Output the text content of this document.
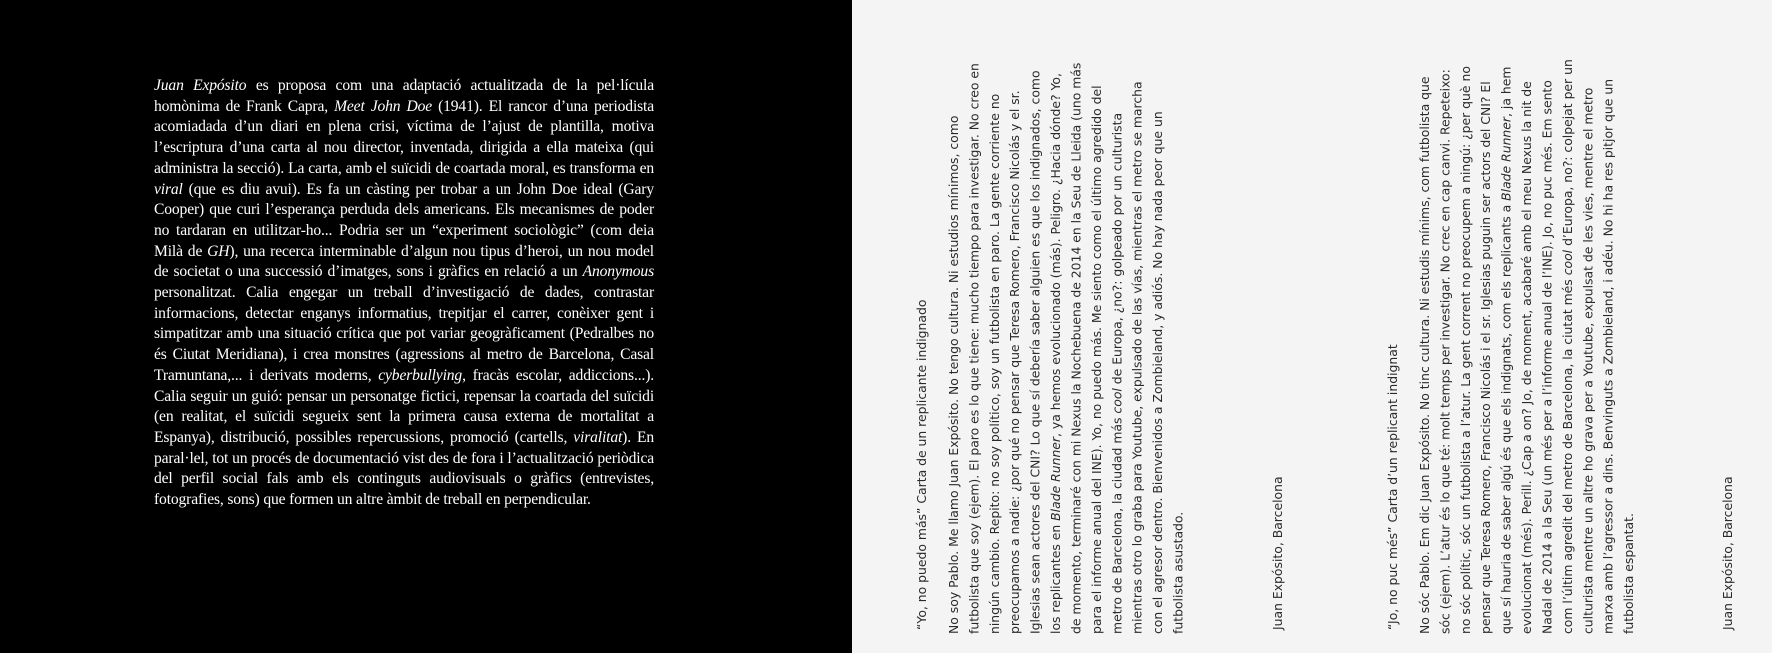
Juan Expósito es proposa com una adaptació actualitzada de la pel·lícula homònima de Frank Capra, Meet John Doe (1941). El rancor d’una periodista acomiadada d’un diari en plena crisi, víctima de l’ajust de plantilla, motiva l’escriptura d’una carta al nou director, inventada, dirigida a ella mateixa (qui administra la secció). La carta, amb el suïcidi de coartada moral, es transforma en viral (que es diu avui). Es fa un càsting per trobar a un John Doe ideal (Gary Cooper) que curi l’esperança perduda dels americans. Els mecanismes de poder no tardaran en utilitzar-ho... Podria ser un “experiment sociològic” (com deia Milà de GH), una recerca interminable d’algun nou tipus d’heroi, un nou model de societat o una successió d’imatges, sons i gràfics en relació a un Anonymous personalitzat. Calia engegar un treball d’investigació de dades, contrastar informacions, detectar enganys informatius, trepitjar el carrer, conèixer gent i simpatitzar amb una situació crítica que pot variar geogràficament (Pedralbes no és Ciutat Meridiana), i crea monstres (agressions al metro de Barcelona, Casal Tramuntana,... i derivats moderns, cyberbullying, fracàs escolar, addiccions...). Calia seguir un guió: pensar un personatge fictici, repensar la coartada del suïcidi (en realitat, el suïcidi segueix sent la primera causa externa de mortalitat a Espanya), distribució, possibles repercussions, promoció (cartells, viralitat). En paral·lel, tot un procés de documentació vist des de fora i l’actualització periòdica del perfil social fals amb els continguts audiovisuals o gràfics (entrevistes, fotografies, sons) que formen un altre àmbit de treball en perpendicular.	“Yo, no puedo más” Carta de un replicante indignado No soy Pablo. Me llamo Juan Expósito. No tengo cultura. Ni estudios mínimos, como futbolista que soy (ejem). El paro es lo que tiene: mucho tiempo para investigar. No creo en ningún cambio. Repito: no soy político, soy un futbolista en paro. La gente corriente no preocupamos a nadie: ¿por qué no pensar que Teresa Romero, Francisco Nicolás y el sr. Iglesias sean actores del CNI? Lo que sí debería saber alguien es que los indignados, como los replicantes en Blade Runner, ya hemos evolucionado (más). Peligro. ¿Hacia dónde? Yo, de momento, terminaré con mi Nexus la Nochebuena de 2014 en la Seu de Lleida (uno más para el informe anual del INE). Yo, no puedo más. Me siento como el último agredido del metro de Barcelona, la ciudad más cool de Europa, ¿no?: golpeado por un culturista mientras otro lo graba para Youtube, expulsado de las vías, mientras el metro se marcha con el agresor dentro. Bienvenidos a Zombieland, y adiós. No hay nada peor que un futbolista asustado.	Juan Expósito, Barcelona	“Jo, no puc més” Carta d’un replicant indignat No sóc Pablo. Em dic Juan Expósito. No tinc cultura. Ni estudis mínims, com futbolista que sóc (ejem). L’atur és lo que té: molt temps per investigar. No crec en cap canvi. Repeteixo: no sóc polític, sóc un futbolista a l’atur. La gent corrent no preocupem a ningú: ¿per què no pensar que Teresa Romero, Francisco Nicolás i el sr. Iglesias puguin ser actors del CNI? El que sí hauria de saber algú és que els indignats, com els replicants a Blade Runner, ja hem evolucionat (més). Perill. ¿Cap a on? Jo, de moment, acabaré amb el meu Nexus la nit de Nadal de 2014 a la Seu (un més per a l’informe anual de l’INE). Jo, no puc més. Em sento com l’últim agredit del metro de Barcelona, la ciutat més cool d’Europa, no?: colpejat per un culturista mentre un altre ho grava per a Youtube, expulsat de les vies, mentre el metro marxa amb l’agressor a dins. Benvinguts a Zombieland, i adéu. No hi ha res pitjor que un futbolista espantat.	Juan Expósito, Barcelona
